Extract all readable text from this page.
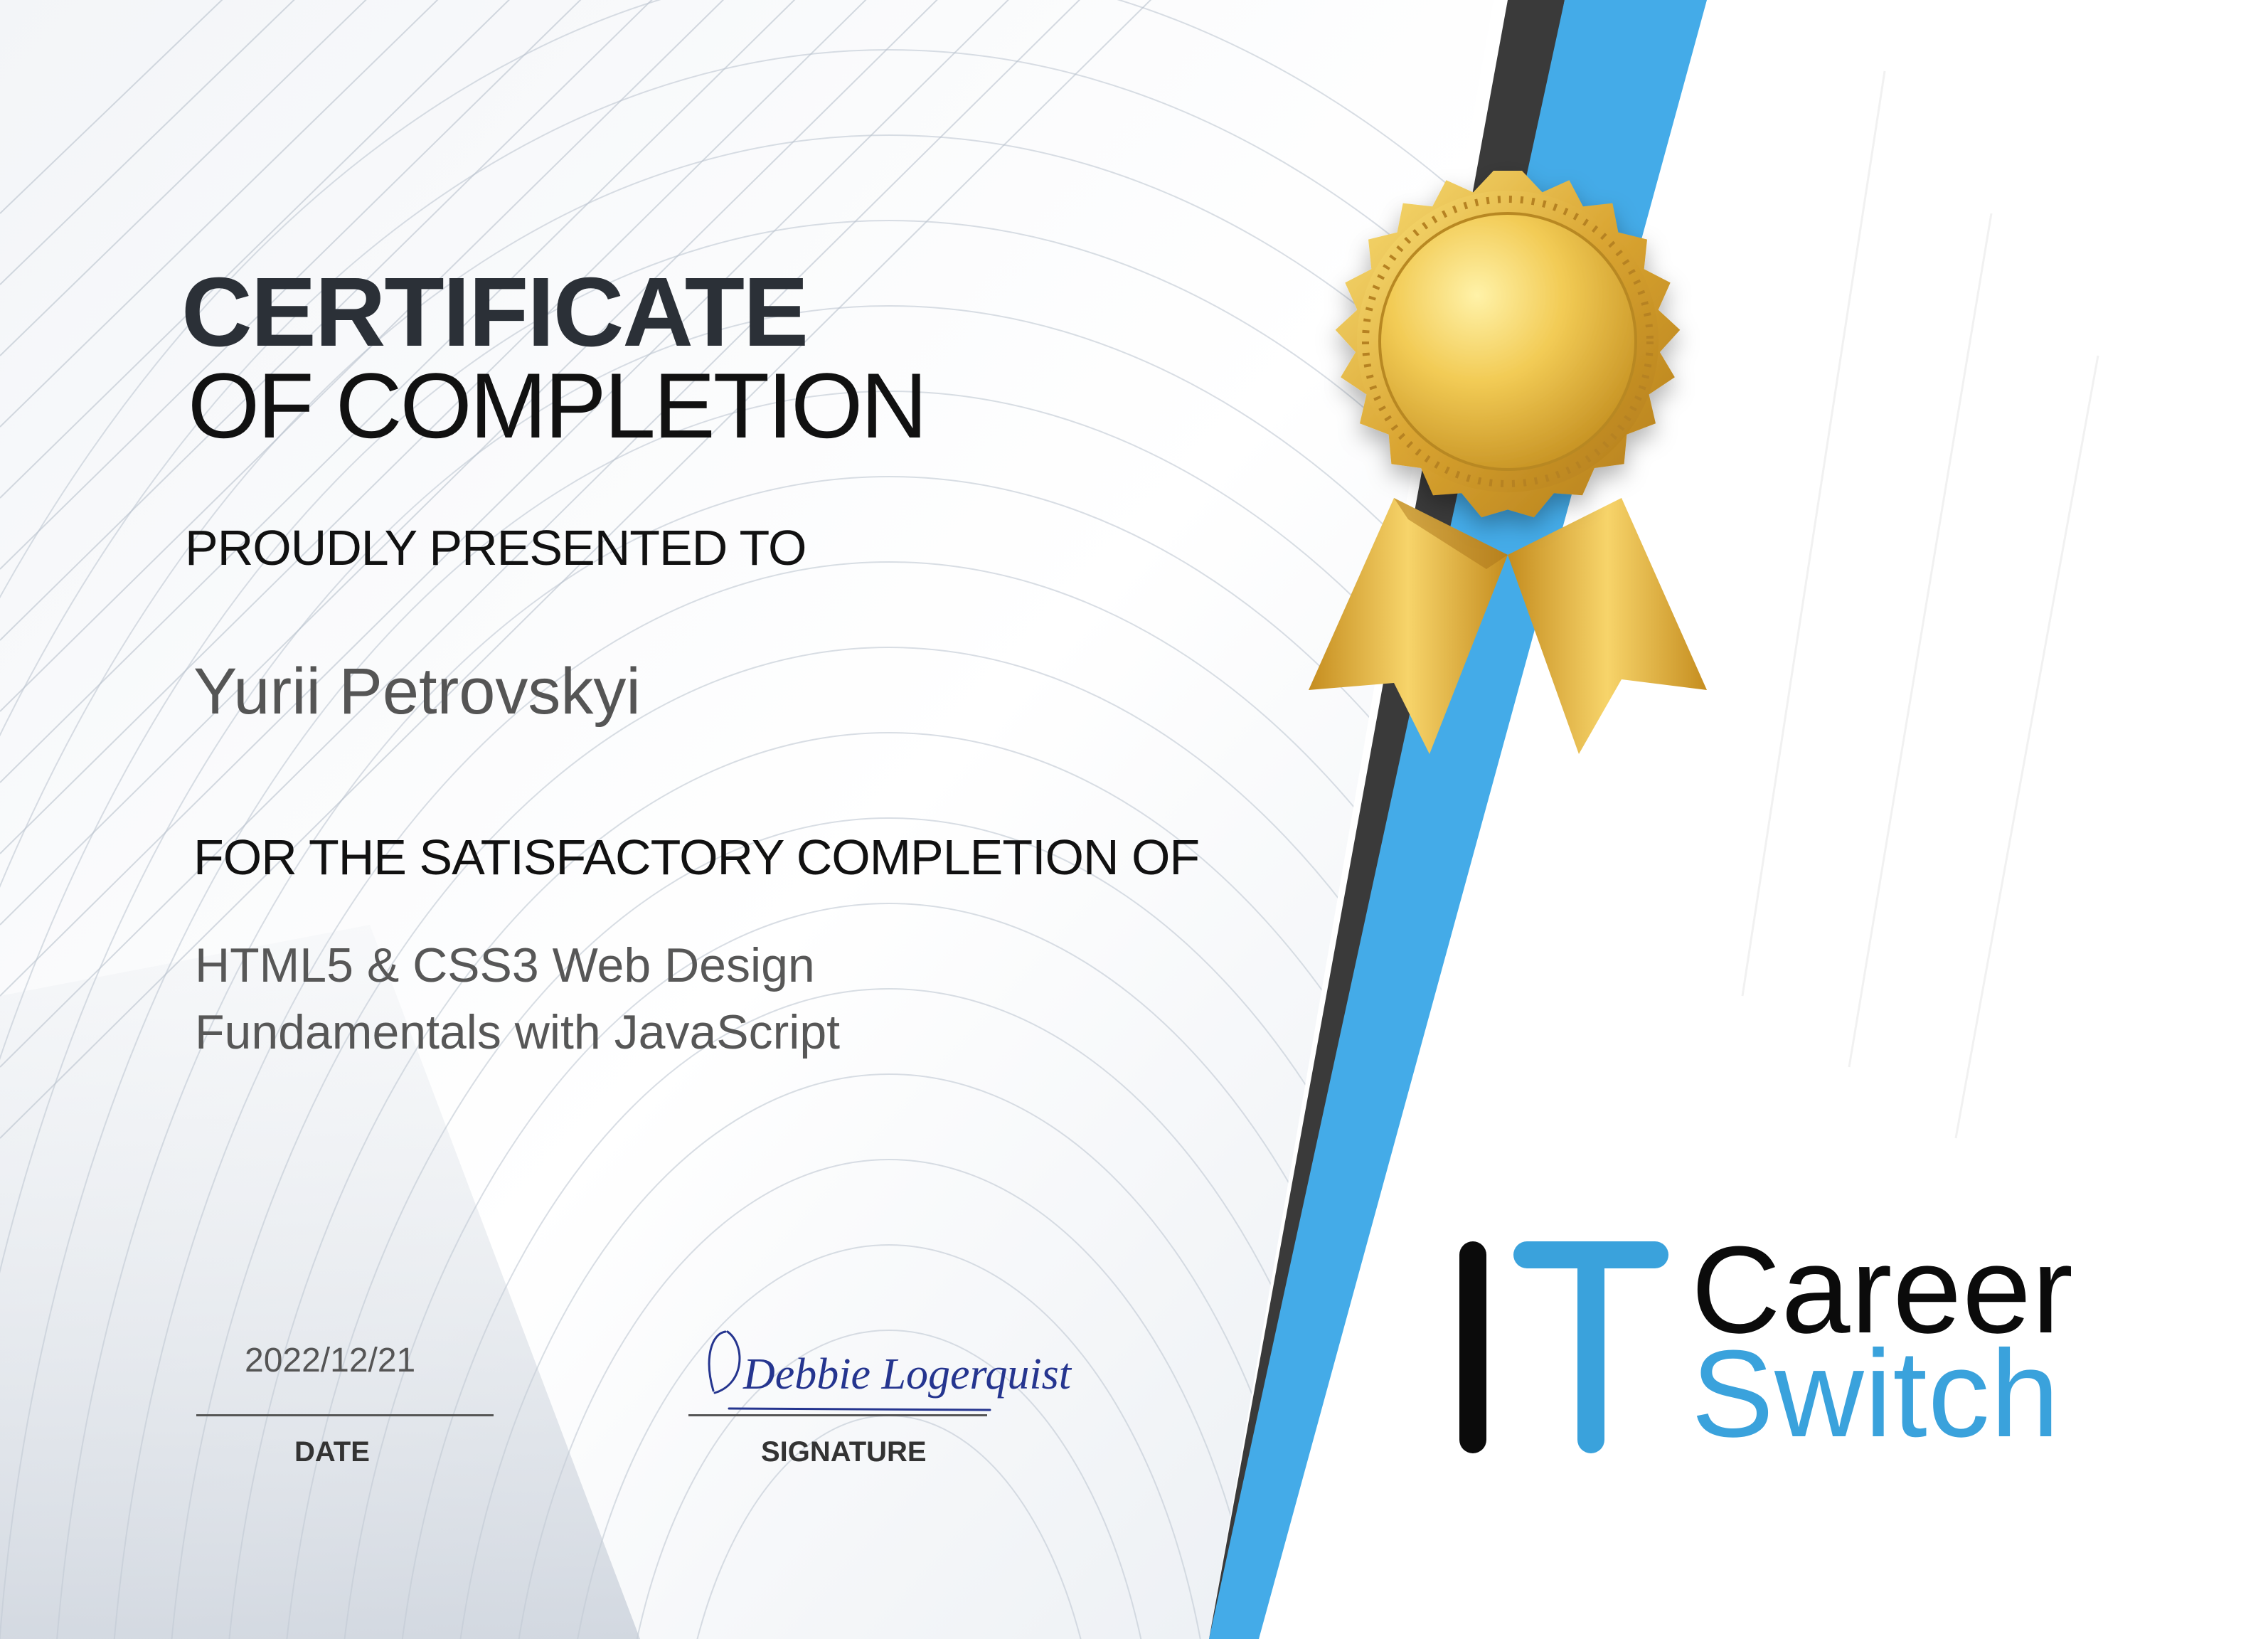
Debbie Logerquist
CERTIFICATE
OF COMPLETION
PROUDLY PRESENTED TO
Yurii Petrovskyi
FOR THE SATISFACTORY COMPLETION OF
HTML5 & CSS3 Web Design
Fundamentals with JavaScript
2022/12/21
DATE	SIGNATURE
Career
Switch
